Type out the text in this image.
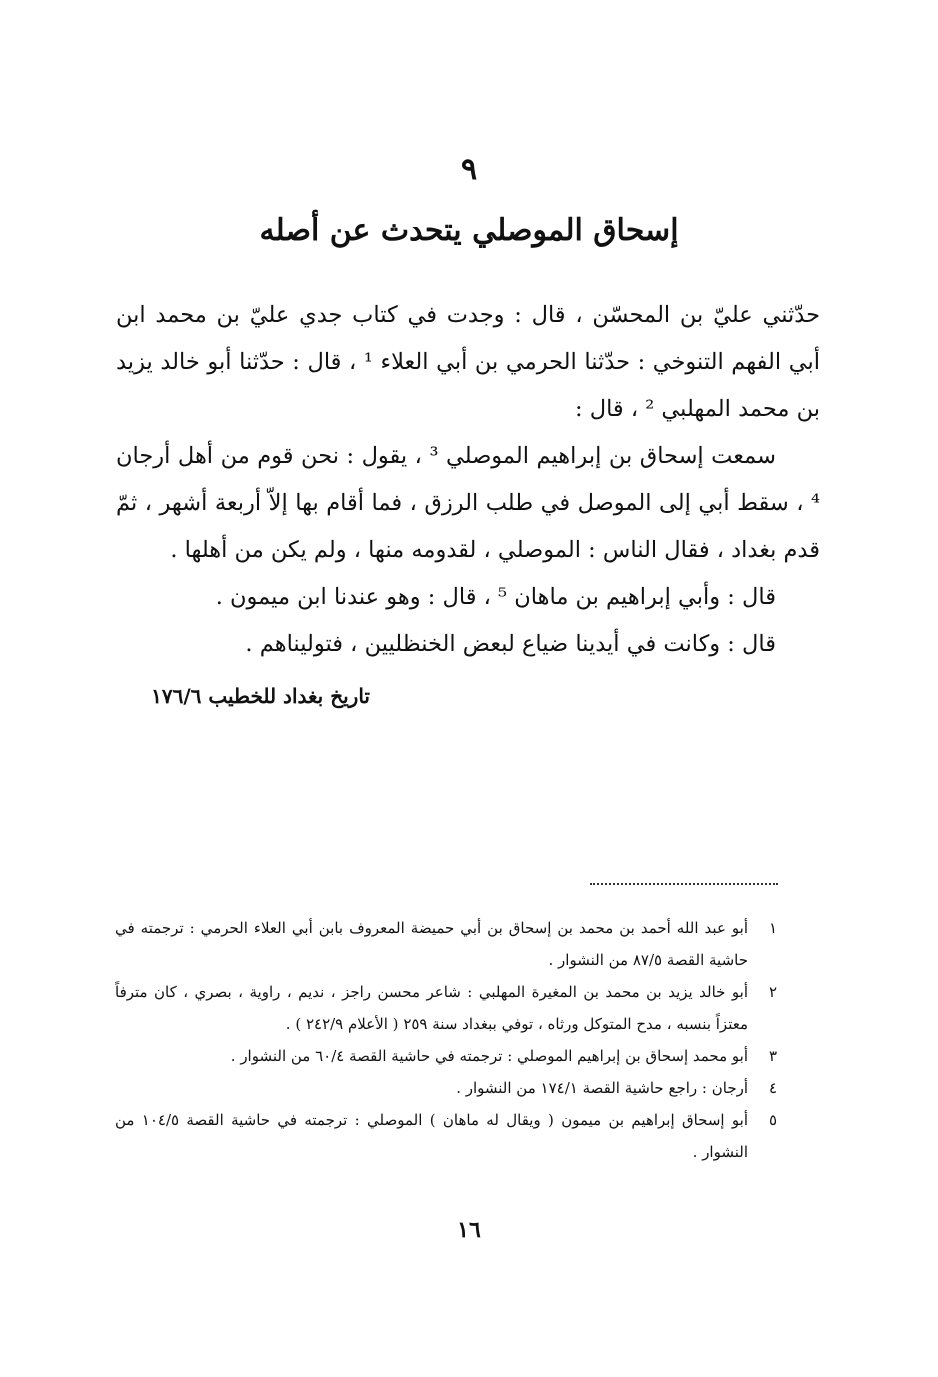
٩
إسحاق الموصلي يتحدث عن أصله

حدّثني عليّ بن المحسّن ، قال : وجدت في كتاب جدي عليّ بن محمد ابن أبي الفهم التنوخي : حدّثنا الحرمي بن أبي العلاء ¹ ، قال : حدّثنا أبو خالد يزيد بن محمد المهلبي ² ، قال :

سمعت إسحاق بن إبراهيم الموصلي ³ ، يقول : نحن قوم من أهل أرجان ⁴ ، سقط أبي إلى الموصل في طلب الرزق ، فما أقام بها إلاّ أربعة أشهر ، ثمّ قدم بغداد ، فقال الناس : الموصلي ، لقدومه منها ، ولم يكن من أهلها .

قال : وأبي إبراهيم بن ماهان ⁵ ، قال : وهو عندنا ابن ميمون .

قال : وكانت في أيدينا ضياع لبعض الخنظليين ، فتوليناهم .

تاريخ بغداد للخطيب ١٧٦/٦
١
أبو عبد الله أحمد بن محمد بن إسحاق بن أبي حميضة المعروف بابن أبي العلاء الحرمي : ترجمته في حاشية القصة ٨٧/٥ من النشوار .
٢
أبو خالد يزيد بن محمد بن المغيرة المهلبي : شاعر محسن راجز ، نديم ، راوية ، بصري ، كان مترفاً معتزاً بنسبه ، مدح المتوكل ورثاه ، توفي ببغداد سنة ٢٥٩ ( الأعلام ٢٤٢/٩ ) .
٣
أبو محمد إسحاق بن إبراهيم الموصلي : ترجمته في حاشية القصة ٦٠/٤ من النشوار .
٤
أرجان : راجع حاشية القصة ١٧٤/١ من النشوار .
٥
أبو إسحاق إبراهيم بن ميمون ( ويقال له ماهان ) الموصلي : ترجمته في حاشية القصة ١٠٤/٥ من النشوار .
١٦
